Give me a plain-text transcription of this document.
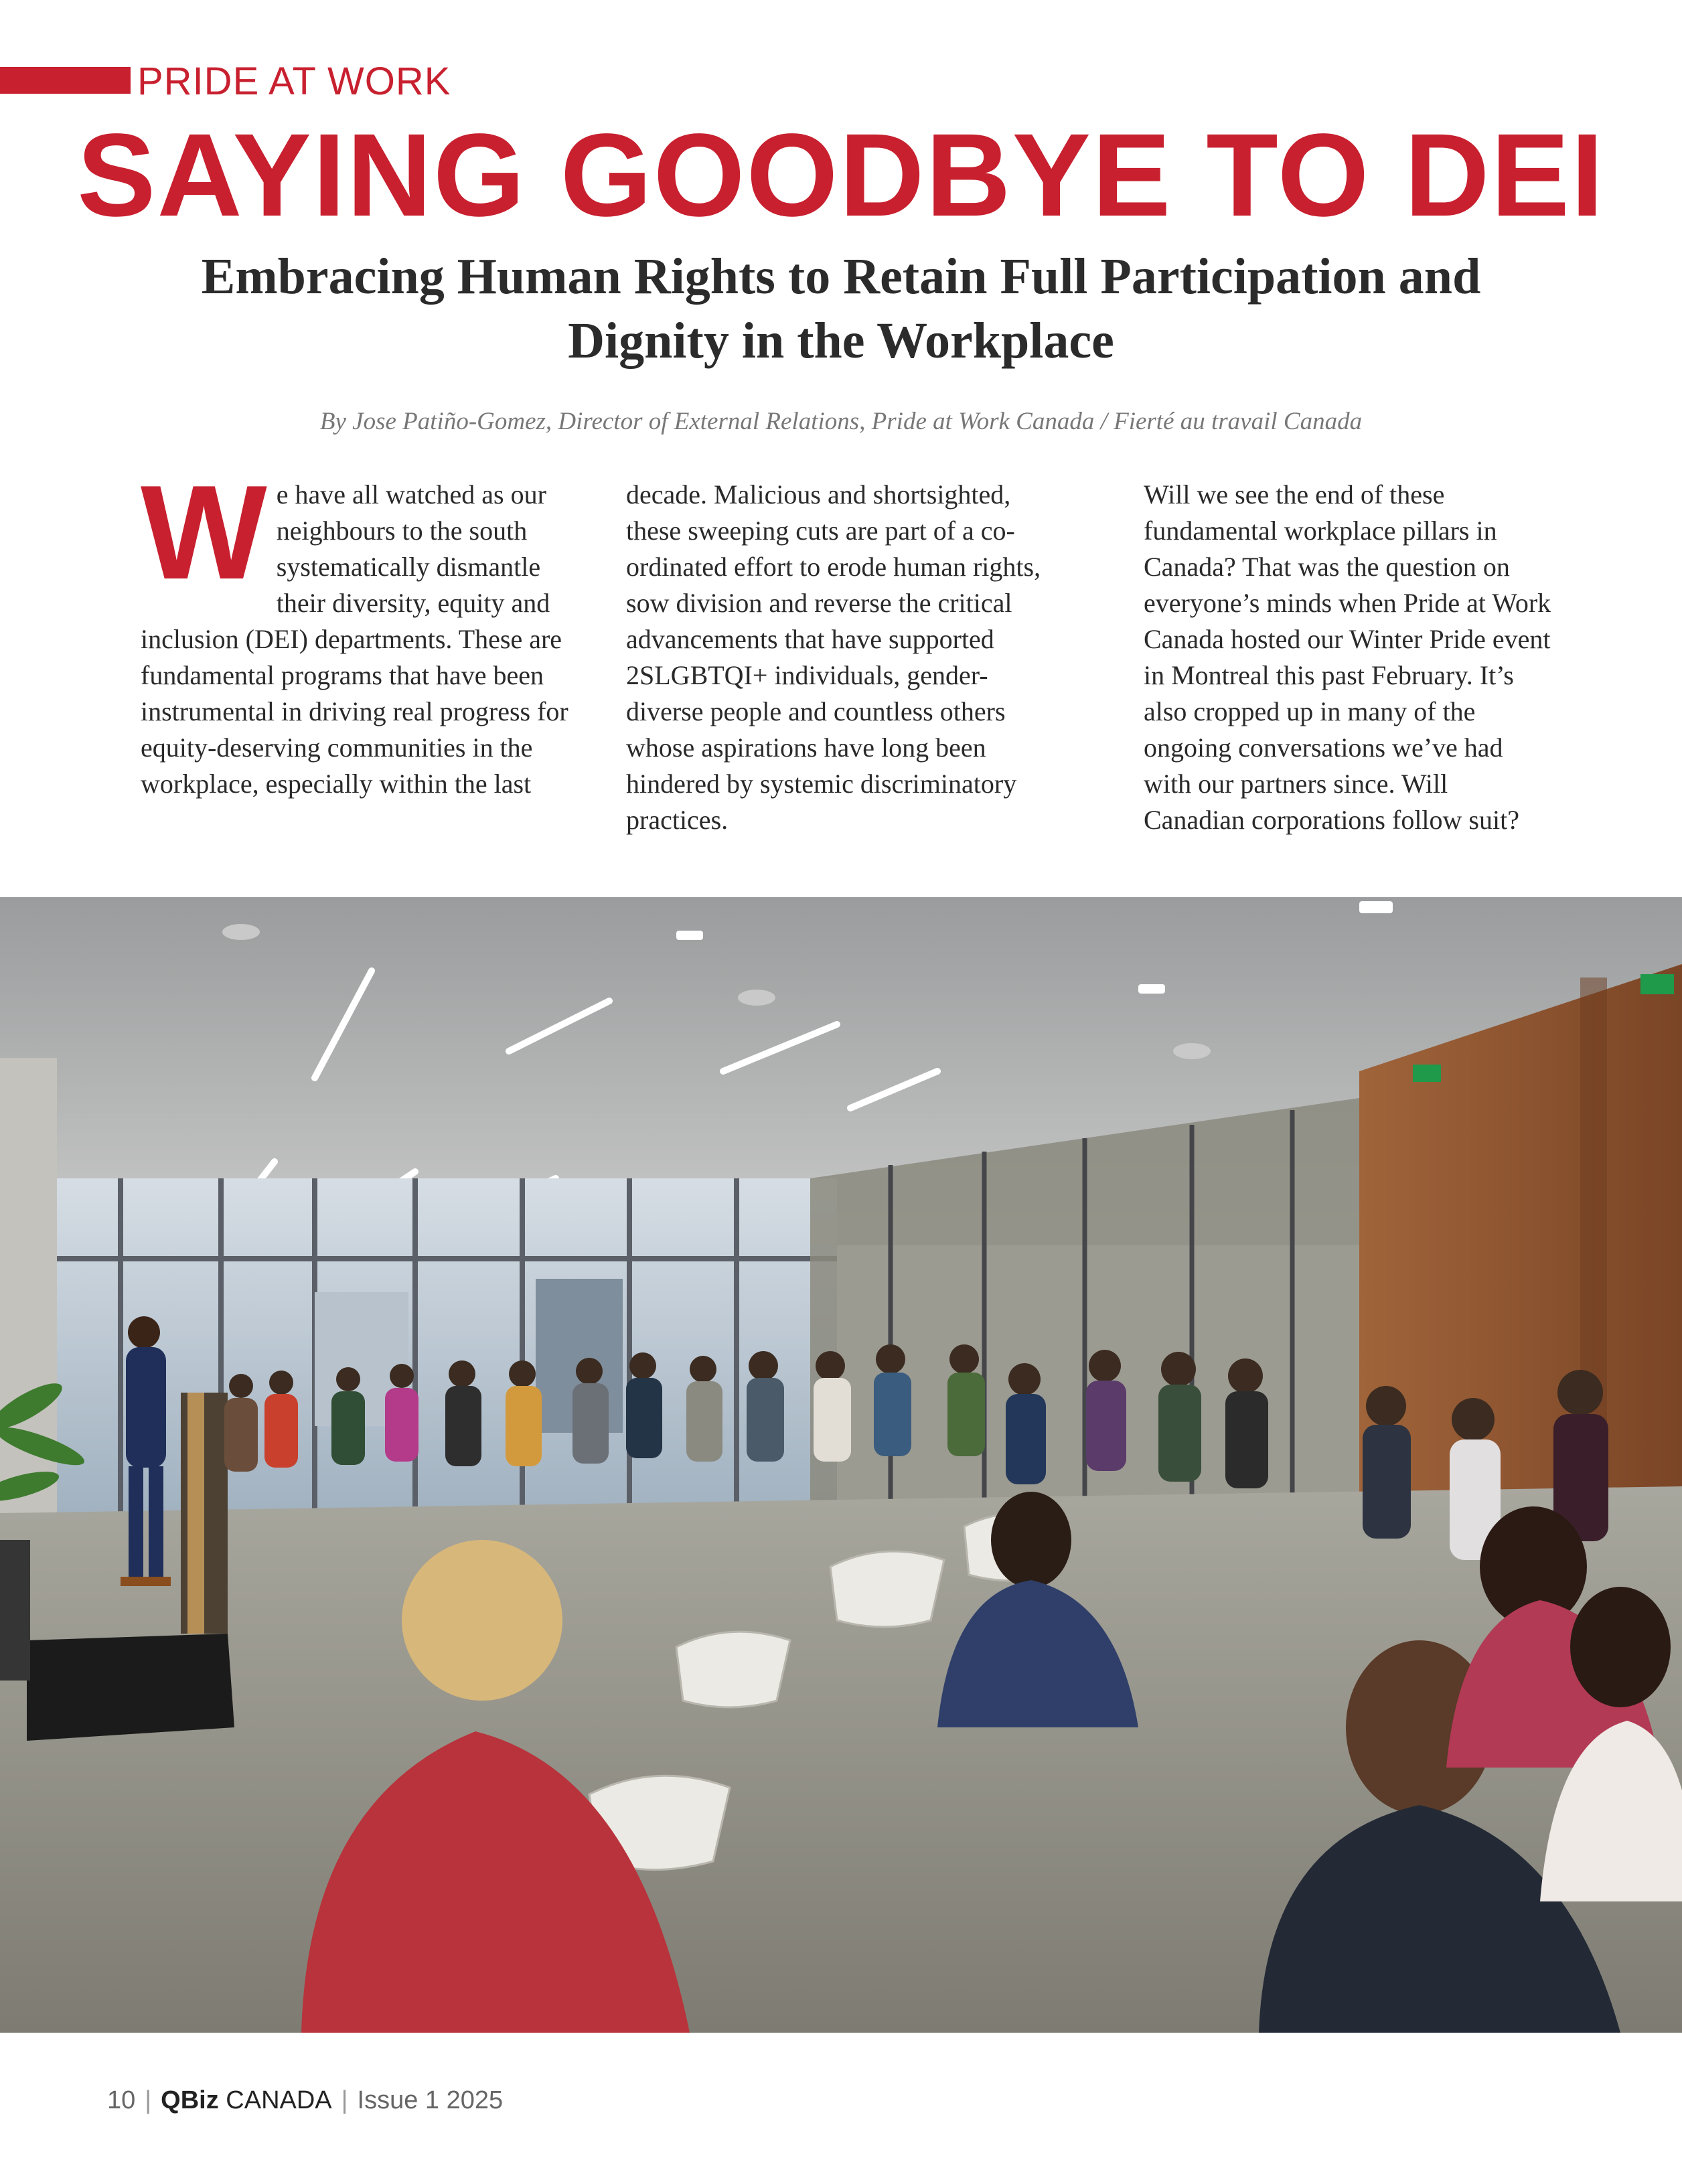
PRIDE AT WORK
SAYING GOODBYE TO DEI
Embracing Human Rights to Retain Full Participation and Dignity in the Workplace
By Jose Patiño-Gomez, Director of External Relations, Pride at Work Canada / Fierté au travail Canada
W e have all watched as our neighbours to the south systematically dismantle their diversity, equity and inclusion (DEI) departments. These are fundamental programs that have been instrumental in driving real progress for equity-deserving communities in the workplace, especially within the last

decade. Malicious and shortsighted, these sweeping cuts are part of a co-ordinated effort to erode human rights, sow division and reverse the critical advancements that have supported 2SLGBTQI+ individuals, gender-diverse people and countless others whose aspirations have long been hindered by systemic discriminatory practices.

Will we see the end of these fundamental workplace pillars in Canada? That was the question on everyone’s minds when Pride at Work Canada hosted our Winter Pride event in Montreal this past February. It’s also cropped up in many of the ongoing conversations we’ve had with our partners since. Will Canadian corporations follow suit?

10 | QBiz CANADA | Issue 1 2025
